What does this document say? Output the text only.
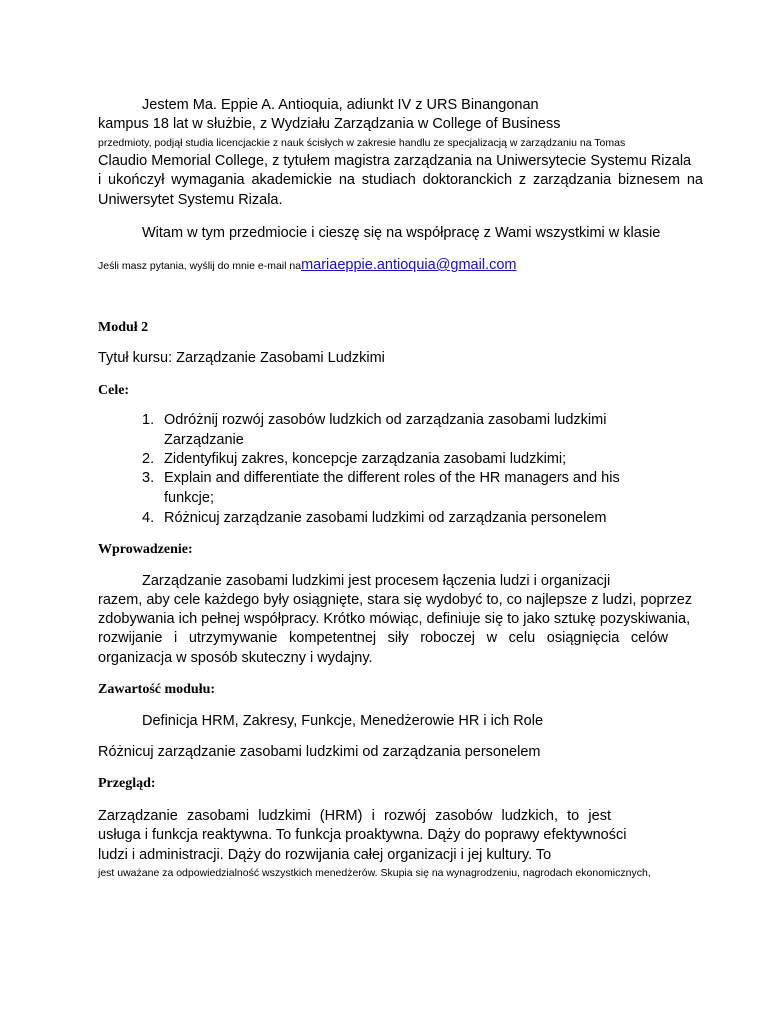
Jestem Ma. Eppie A. Antioquia, adiunkt IV z URS Binangonan
kampus 18 lat w służbie, z Wydziału Zarządzania w College of Business
przedmioty, podjął studia licencjackie z nauk ścisłych w zakresie handlu ze specjalizacją w zarządzaniu na Tomas
Claudio Memorial College, z tytułem magistra zarządzania na Uniwersytecie Systemu Rizala
i ukończył wymagania akademickie na studiach doktoranckich z zarządzania biznesem na
Uniwersytet Systemu Rizala.
Witam w tym przedmiocie i cieszę się na współpracę z Wami wszystkimi w klasie
Jeśli masz pytania, wyślij do mnie e-mail namariaeppie.antioquia@gmail.com
Moduł 2
Tytuł kursu: Zarządzanie Zasobami Ludzkimi
Cele:
1. Odróżnij rozwój zasobów ludzkich od zarządzania zasobami ludzkimi
Zarządzanie
2. Zidentyfikuj zakres, koncepcje zarządzania zasobami ludzkimi;
3. Explain and differentiate the different roles of the HR managers and his
funkcje;
4. Różnicuj zarządzanie zasobami ludzkimi od zarządzania personelem
Wprowadzenie:
Zarządzanie zasobami ludzkimi jest procesem łączenia ludzi i organizacji
razem, aby cele każdego były osiągnięte, stara się wydobyć to, co najlepsze z ludzi, poprzez
zdobywania ich pełnej współpracy. Krótko mówiąc, definiuje się to jako sztukę pozyskiwania,
rozwijanie i utrzymywanie kompetentnej siły roboczej w celu osiągnięcia celów
organizacja w sposób skuteczny i wydajny.
Zawartość modułu:
Definicja HRM, Zakresy, Funkcje, Menedżerowie HR i ich Role
Różnicuj zarządzanie zasobami ludzkimi od zarządzania personelem
Przegląd:
Zarządzanie zasobami ludzkimi (HRM) i rozwój zasobów ludzkich, to jest
usługa i funkcja reaktywna. To funkcja proaktywna. Dąży do poprawy efektywności
ludzi i administracji. Dąży do rozwijania całej organizacji i jej kultury. To
jest uważane za odpowiedzialność wszystkich menedżerów. Skupia się na wynagrodzeniu, nagrodach ekonomicznych,
